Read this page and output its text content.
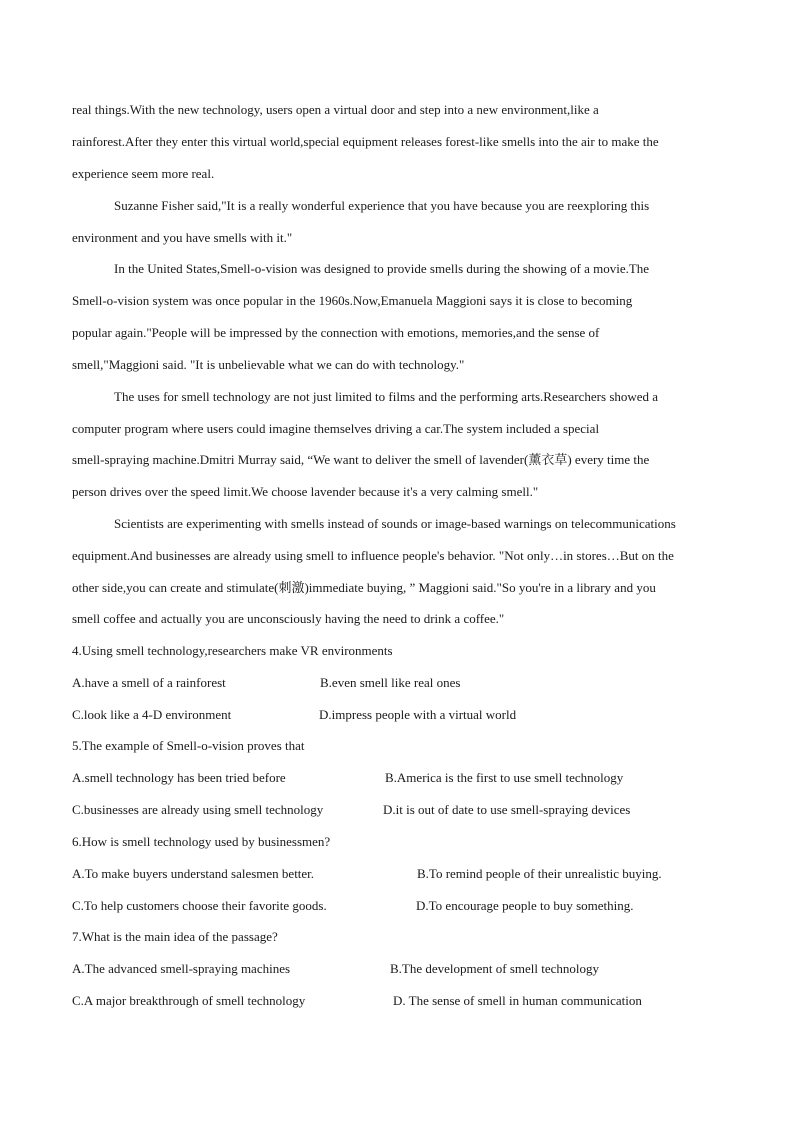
real things.With the new technology, users open a virtual door and step into a new environment,like a
rainforest.After they enter this virtual world,special equipment releases forest-like smells into the air to make the
experience seem more real.
Suzanne Fisher said,"It is a really wonderful experience that you have because you are reexploring this
environment and you have smells with it."
In the United States,Smell-o-vision was designed to provide smells during the showing of a movie.The
Smell-o-vision system was once popular in the 1960s.Now,Emanuela Maggioni says it is close to becoming
popular again."People will be impressed by the connection with emotions, memories,and the sense of
smell,"Maggioni said. "It is unbelievable what we can do with technology."
The uses for smell technology are not just limited to films and the performing arts.Researchers showed a
computer program where users could imagine themselves driving a car.The system included a special
smell-spraying machine.Dmitri Murray said, “We want to deliver the smell of lavender(薰衣草) every time the
person drives over the speed limit.We choose lavender because it's a very calming smell."
Scientists are experimenting with smells instead of sounds or image-based warnings on telecommunications
equipment.And businesses are already using smell to influence people's behavior. "Not only…in stores…But on the
other side,you can create and stimulate(刺激)immediate buying, ” Maggioni said."So you're in a library and you
smell coffee and actually you are unconsciously having the need to drink a coffee."
4.Using smell technology,researchers make VR environments
A.have a smell of a rainforest	B.even smell like real ones
C.look like a 4-D environment	D.impress people with a virtual world
5.The example of Smell-o-vision proves that
A.smell technology has been tried before	B.America is the first to use smell technology
C.businesses are already using smell technology	D.it is out of date to use smell-spraying devices
6.How is smell technology used by businessmen?
A.To make buyers understand salesmen better.	B.To remind people of their unrealistic buying.
C.To help customers choose their favorite goods.	D.To encourage people to buy something.
7.What is the main idea of the passage?
A.The advanced smell-spraying machines	B.The development of smell technology
C.A major breakthrough of smell technology	D. The sense of smell in human communication
